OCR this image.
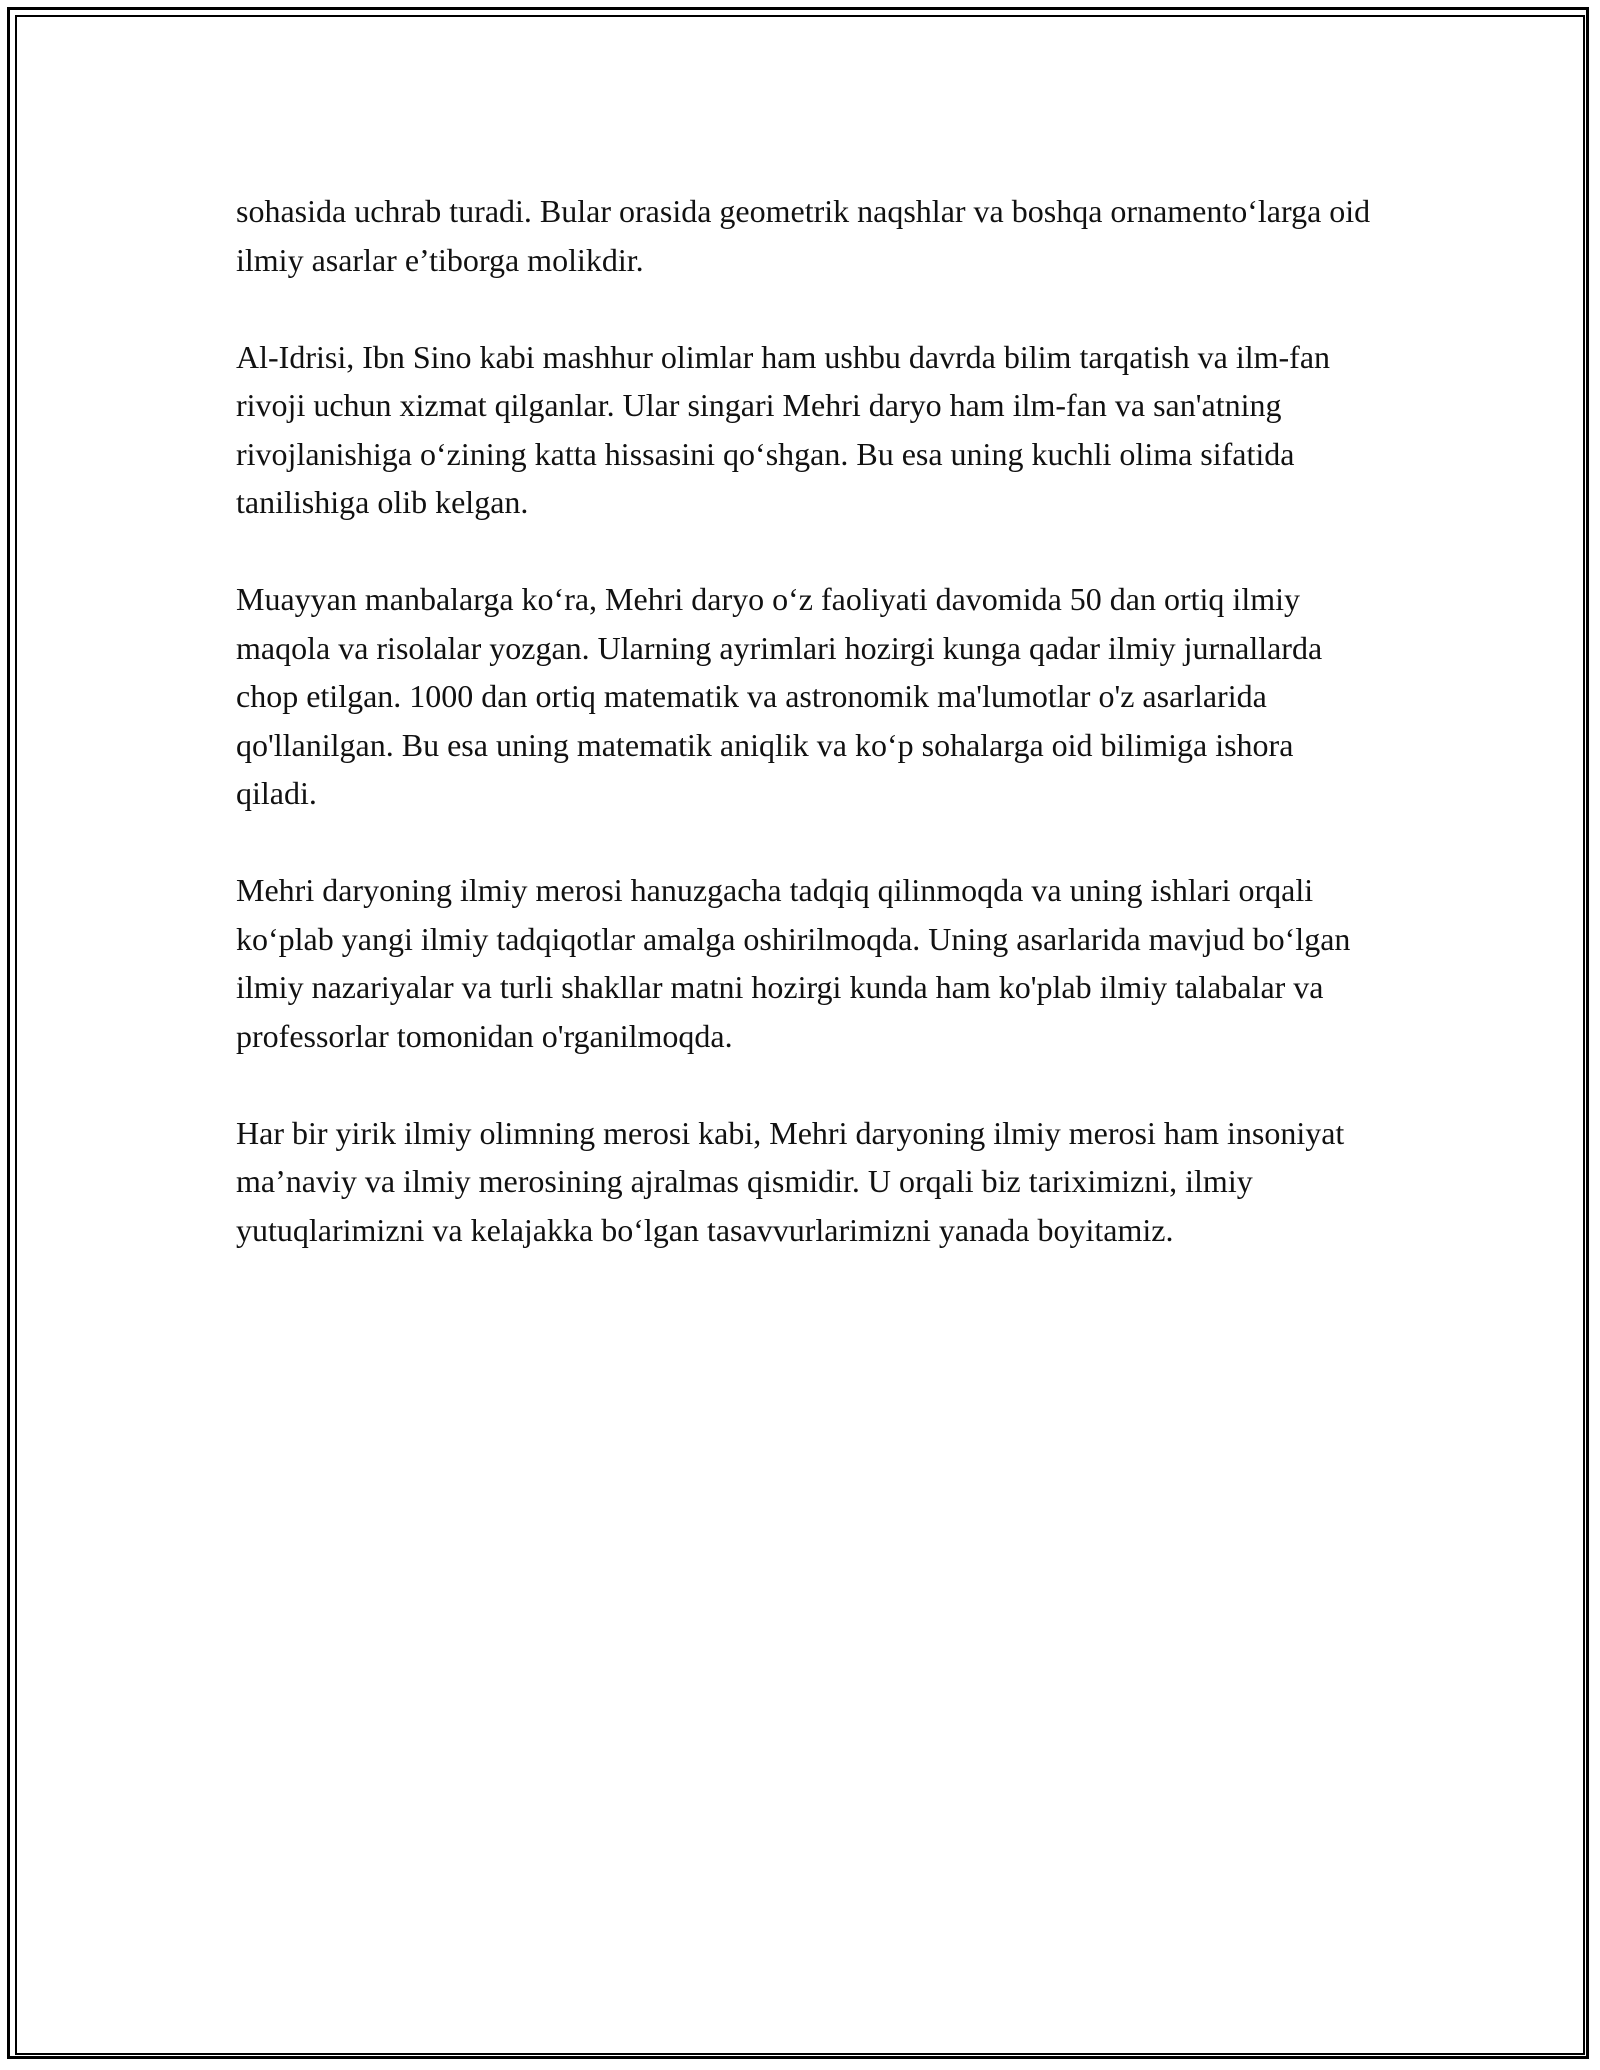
sohasida uchrab turadi. Bular orasida geometrik naqshlar va boshqa ornamento‘larga oid ilmiy asarlar e’tiborga molikdir.

Al-Idrisi, Ibn Sino kabi mashhur olimlar ham ushbu davrda bilim tarqatish va ilm-fan rivoji uchun xizmat qilganlar. Ular singari Mehri daryo ham ilm-fan va san'atning rivojlanishiga o‘zining katta hissasini qo‘shgan. Bu esa uning kuchli olima sifatida tanilishiga olib kelgan.

Muayyan manbalarga ko‘ra, Mehri daryo o‘z faoliyati davomida 50 dan ortiq ilmiy maqola va risolalar yozgan. Ularning ayrimlari hozirgi kunga qadar ilmiy jurnallarda chop etilgan. 1000 dan ortiq matematik va astronomik ma'lumotlar o'z asarlarida qo'llanilgan. Bu esa uning matematik aniqlik va ko‘p sohalarga oid bilimiga ishora qiladi.

Mehri daryoning ilmiy merosi hanuzgacha tadqiq qilinmoqda va uning ishlari orqali ko‘plab yangi ilmiy tadqiqotlar amalga oshirilmoqda. Uning asarlarida mavjud bo‘lgan ilmiy nazariyalar va turli shakllar matni hozirgi kunda ham ko'plab ilmiy talabalar va professorlar tomonidan o'rganilmoqda.

Har bir yirik ilmiy olimning merosi kabi, Mehri daryoning ilmiy merosi ham insoniyat ma’naviy va ilmiy merosining ajralmas qismidir. U orqali biz tariximizni, ilmiy yutuqlarimizni va kelajakka bo‘lgan tasavvurlarimizni yanada boyitamiz.
